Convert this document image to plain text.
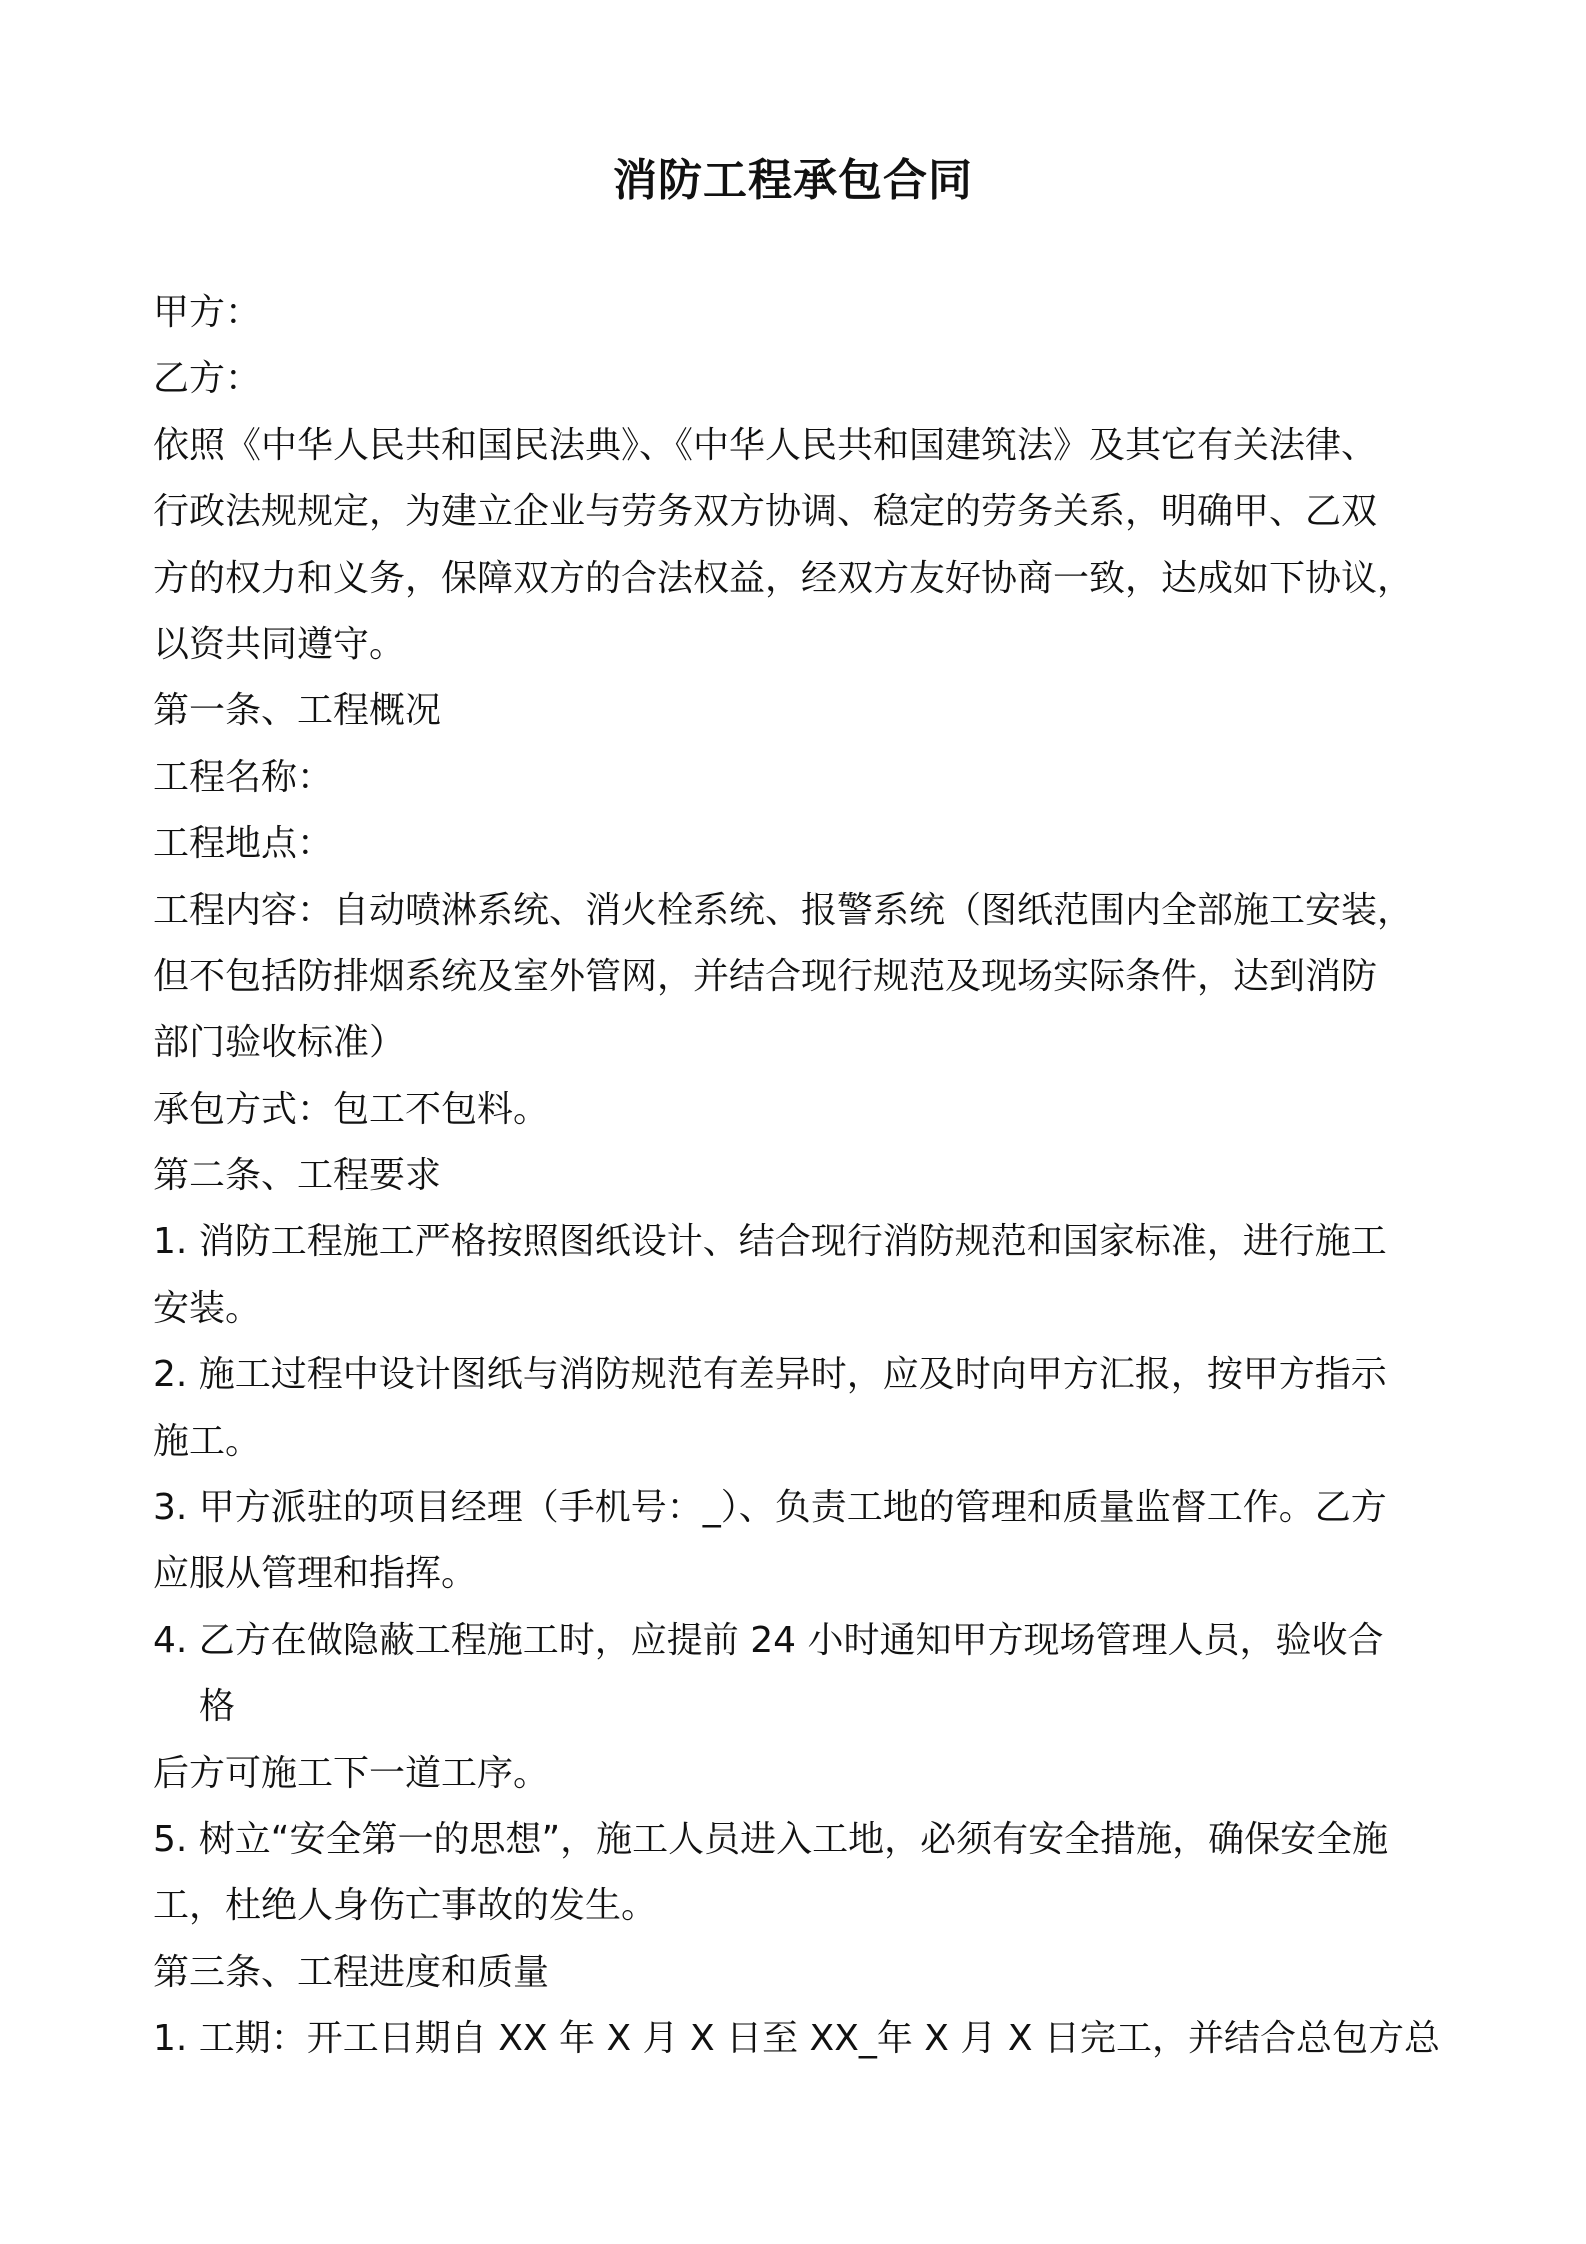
消防工程承包合同
甲方：
乙方：
依照《中华人民共和国民法典》、《中华人民共和国建筑法》及其它有关法律、
行政法规规定，为建立企业与劳务双方协调、稳定的劳务关系，明确甲、乙双
方的权力和义务，保障双方的合法权益，经双方友好协商一致，达成如下协议，
以资共同遵守。
第一条、工程概况
工程名称：
工程地点：
工程内容：自动喷淋系统、消火栓系统、报警系统（图纸范围内全部施工安装，
但不包括防排烟系统及室外管网，并结合现行规范及现场实际条件，达到消防
部门验收标准）
承包方式：包工不包料。
第二条、工程要求
1. 消防工程施工严格按照图纸设计、结合现行消防规范和国家标准，进行施工
安装。
2. 施工过程中设计图纸与消防规范有差异时，应及时向甲方汇报，按甲方指示
施工。
3. 甲方派驻的项目经理（手机号：_）、负责工地的管理和质量监督工作。乙方
应服从管理和指挥。
4. 乙方在做隐蔽工程施工时，应提前 24 小时通知甲方现场管理人员，验收合
格
后方可施工下一道工序。
5. 树立“安全第一的思想”，施工人员进入工地，必须有安全措施，确保安全施
工，杜绝人身伤亡事故的发生。
第三条、工程进度和质量
1. 工期：开工日期自 XX 年 X 月 X 日至 XX_年 X 月 X 日完工，并结合总包方总
